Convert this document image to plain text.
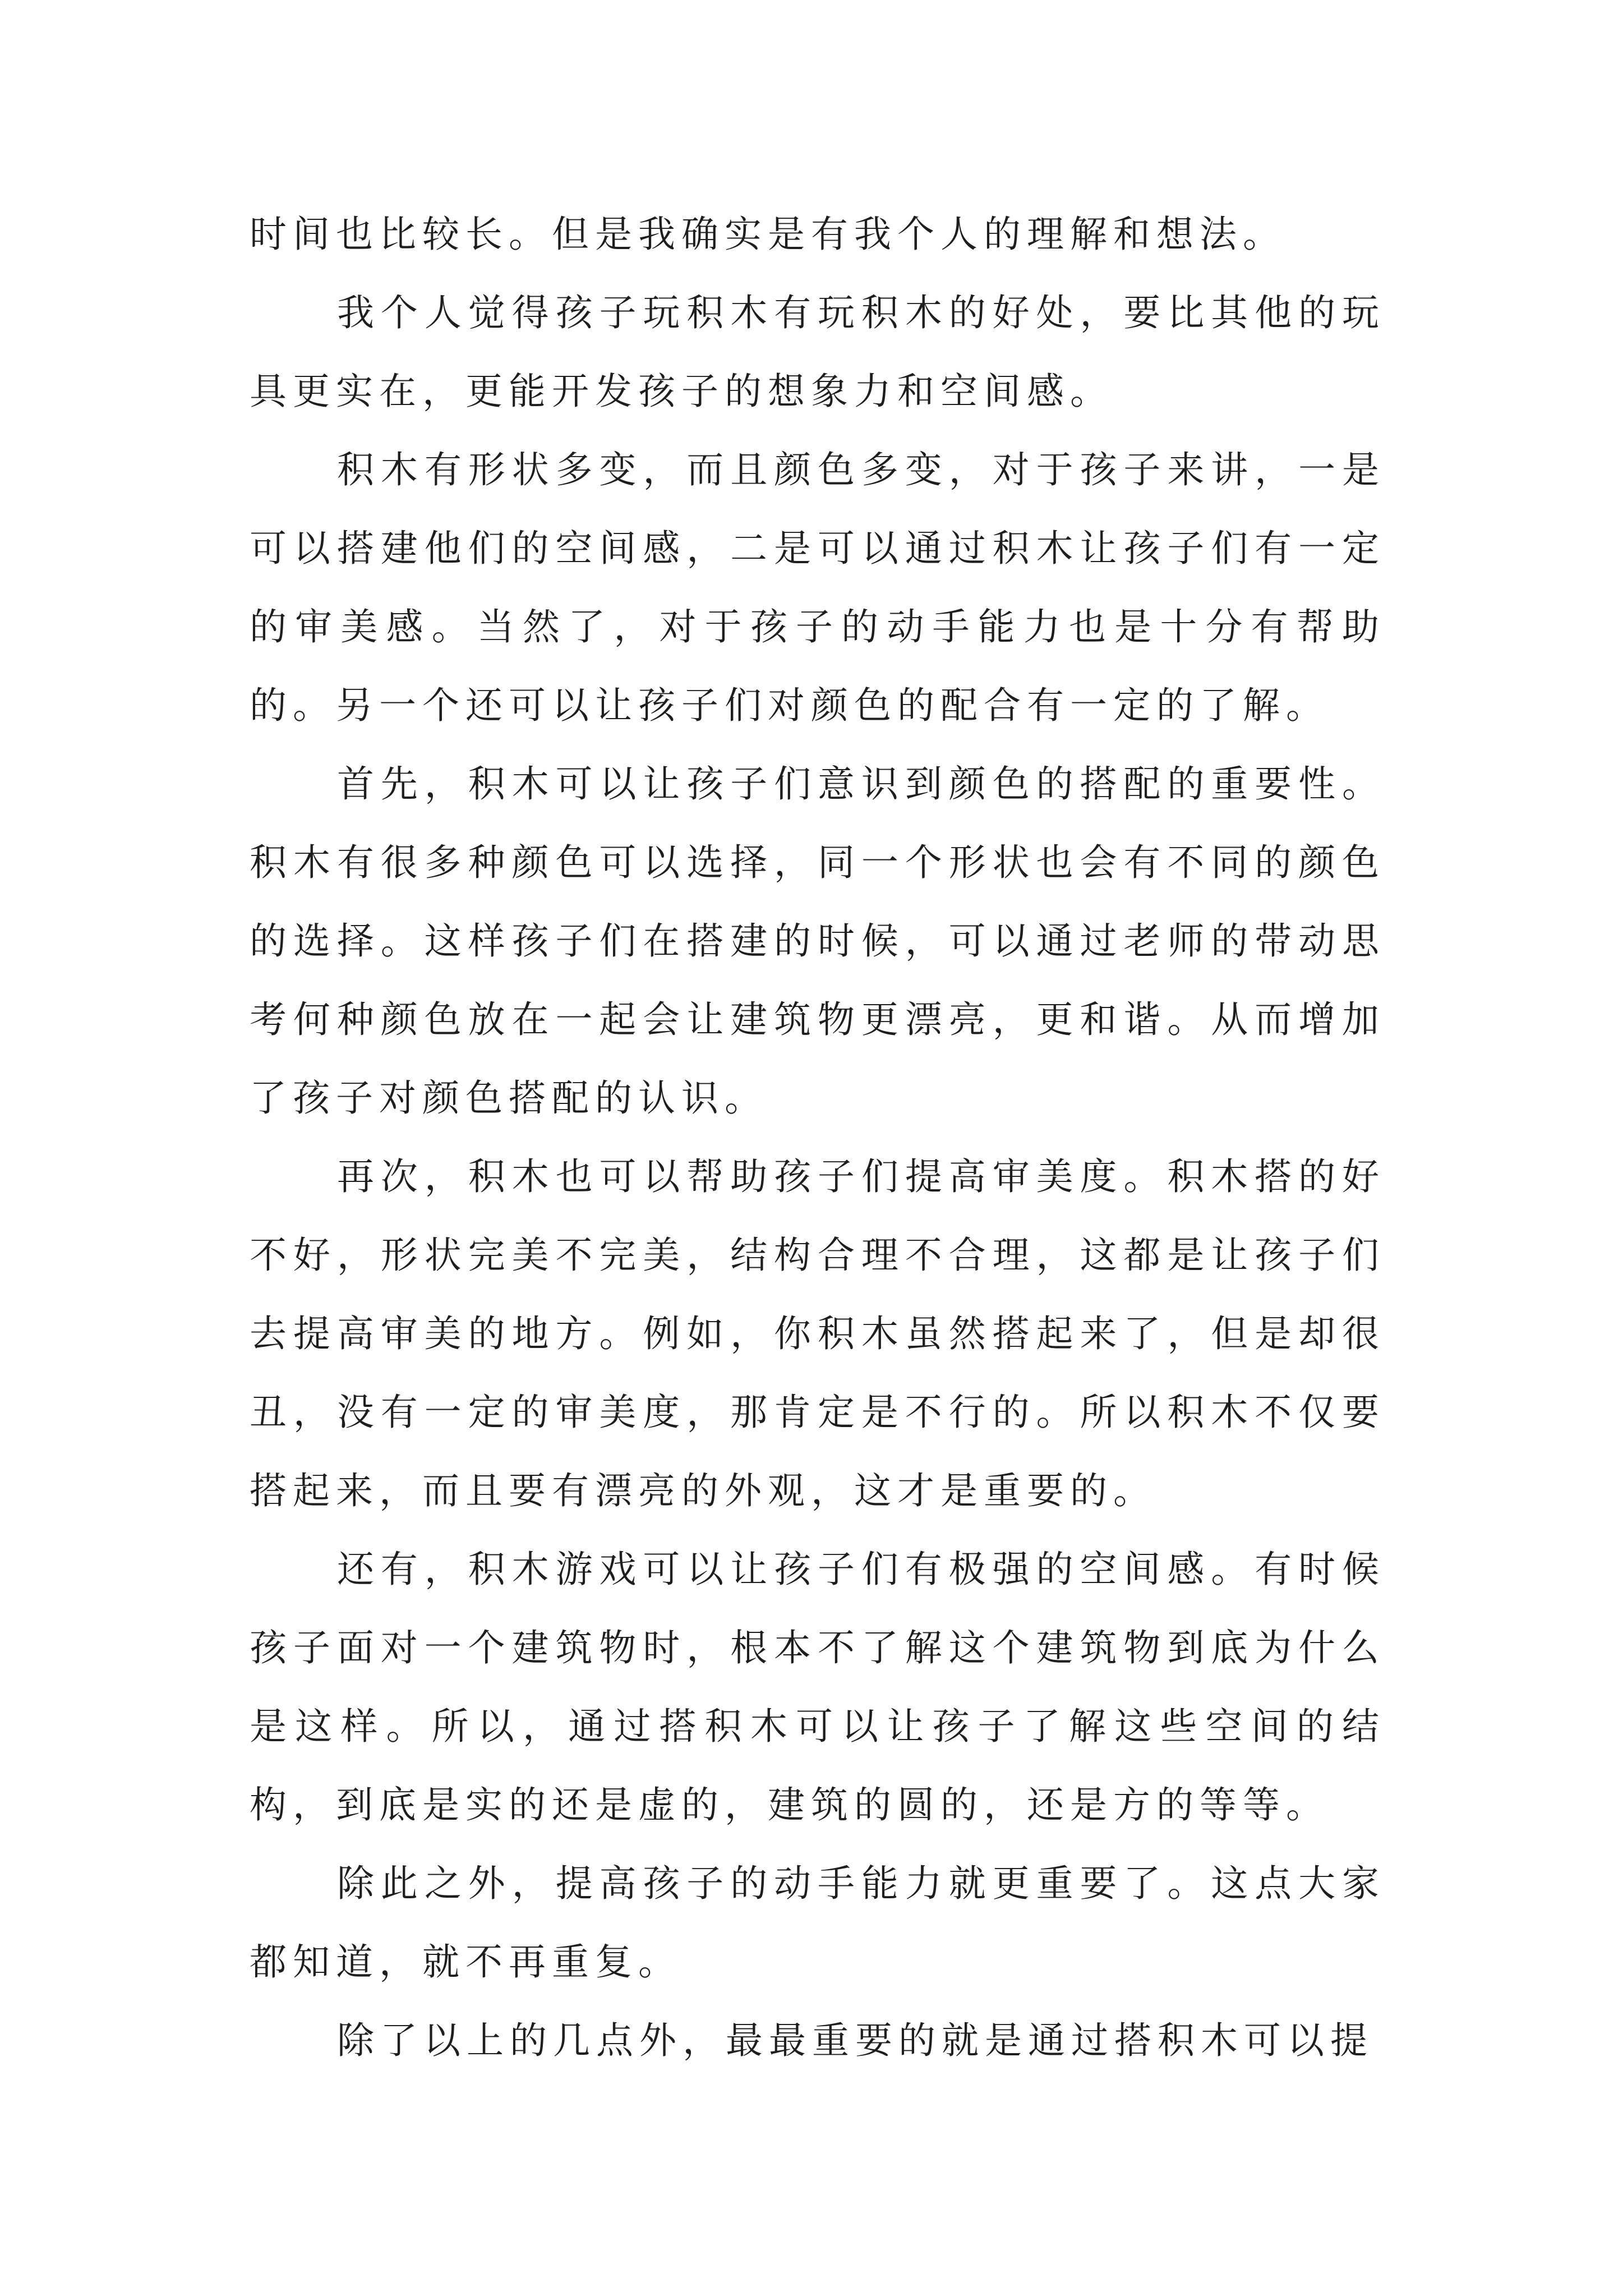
时间也比较长。但是我确实是有我个人的理解和想法。

我个人觉得孩子玩积木有玩积木的好处，要比其他的玩具更实在，更能开发孩子的想象力和空间感。

积木有形状多变，而且颜色多变，对于孩子来讲，一是可以搭建他们的空间感，二是可以通过积木让孩子们有一定的审美感。当然了，对于孩子的动手能力也是十分有帮助的。另一个还可以让孩子们对颜色的配合有一定的了解。

首先，积木可以让孩子们意识到颜色的搭配的重要性。积木有很多种颜色可以选择，同一个形状也会有不同的颜色的选择。这样孩子们在搭建的时候，可以通过老师的带动思考何种颜色放在一起会让建筑物更漂亮，更和谐。从而增加了孩子对颜色搭配的认识。

再次，积木也可以帮助孩子们提高审美度。积木搭的好不好，形状完美不完美，结构合理不合理，这都是让孩子们去提高审美的地方。例如，你积木虽然搭起来了，但是却很丑，没有一定的审美度，那肯定是不行的。所以积木不仅要搭起来，而且要有漂亮的外观，这才是重要的。

还有，积木游戏可以让孩子们有极强的空间感。有时候孩子面对一个建筑物时，根本不了解这个建筑物到底为什么是这样。所以，通过搭积木可以让孩子了解这些空间的结构，到底是实的还是虚的，建筑的圆的，还是方的等等。

除此之外，提高孩子的动手能力就更重要了。这点大家都知道，就不再重复。

除了以上的几点外，最最重要的就是通过搭积木可以提
